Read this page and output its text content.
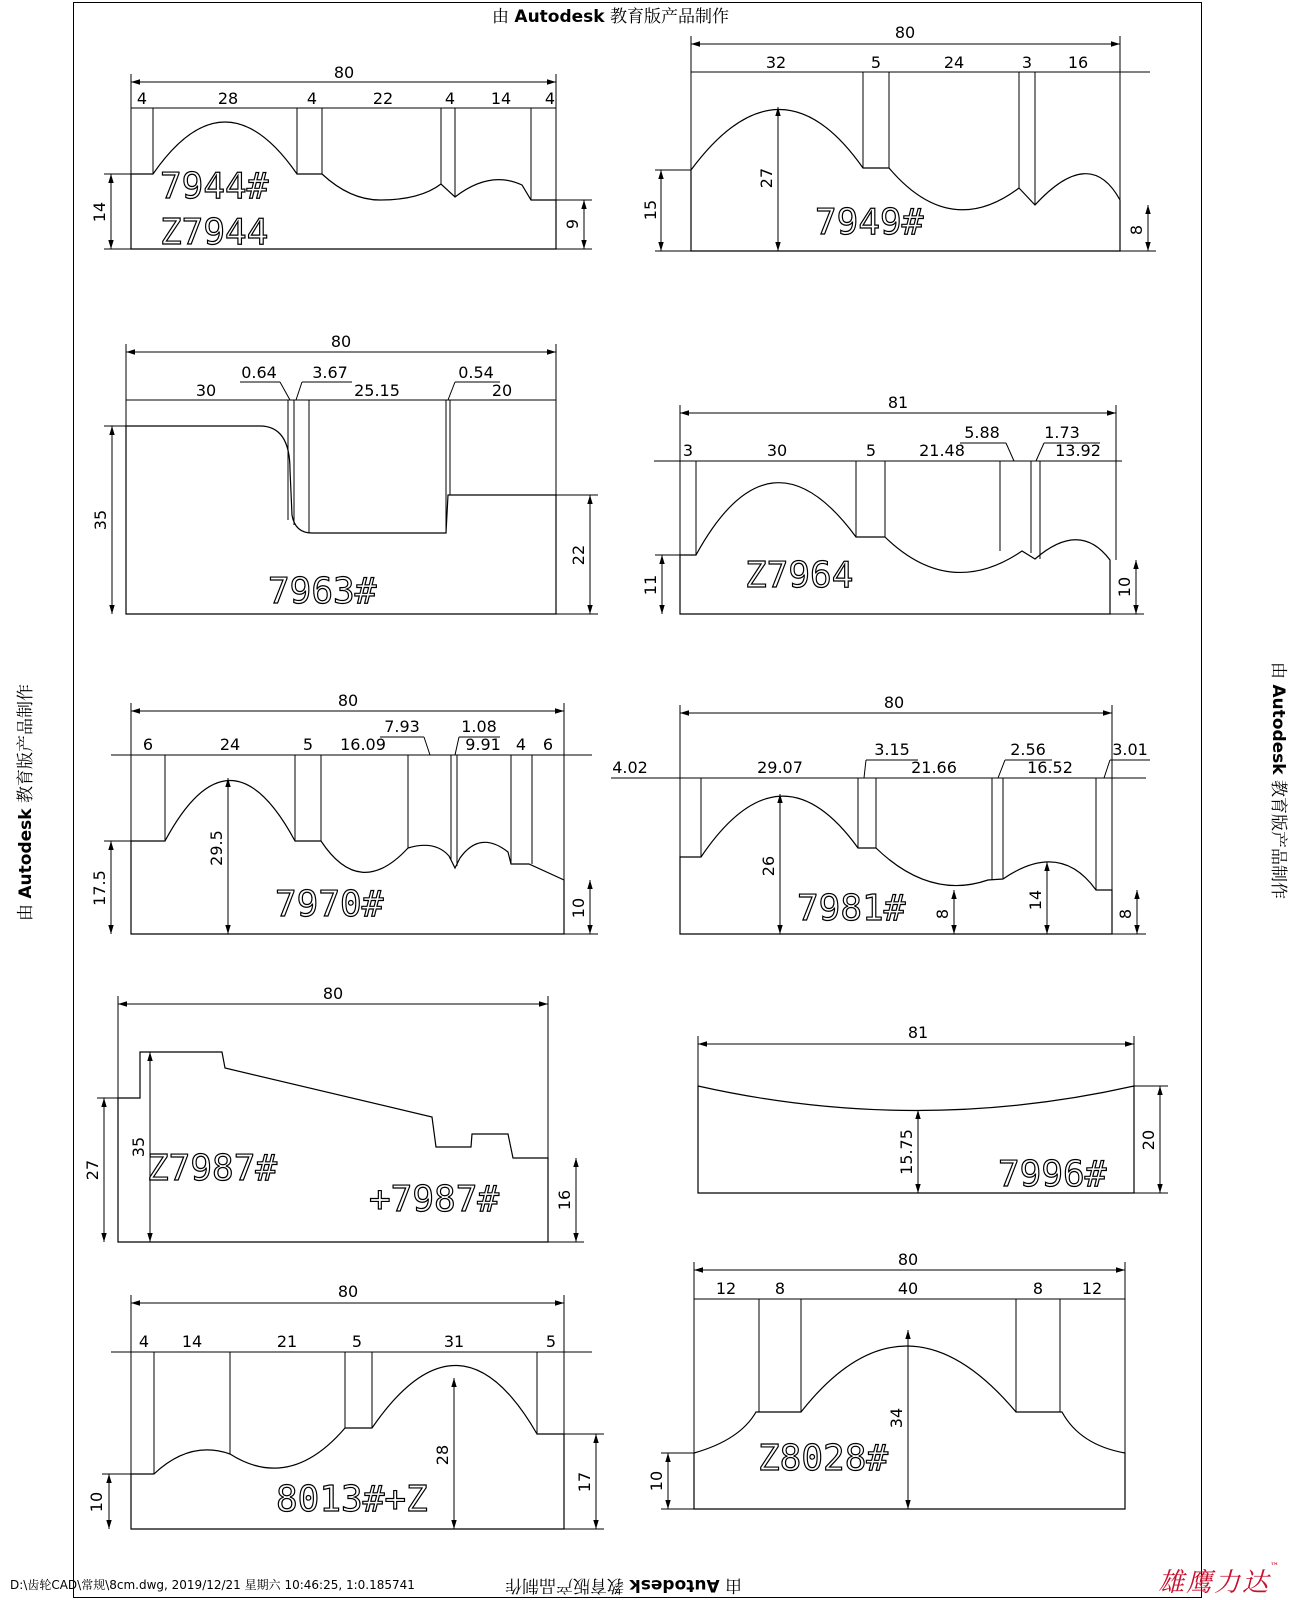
由 Autodesk 教育版产品制作
由 Autodesk 教育版产品制作
由 Autodesk 教育版产品制作
由 Autodesk 教育版产品制作
D:\齿轮CAD\常规\8cm.dwg, 2019/12/21 星期六 10:46:25, 1:0.185741	雄鹰力达™
80
4	28	4	22	4 14 4
14
9
7944#
Z7944
80
32	5	24	3 16
15
27
8
7949#
80
30
0.64 3.67
25.15
0.54
20
35
22
7963#
81
3	30	5	21.48
5.88	1.73
13.92
11	10
Z7964
80
6	24	5 16.09
7.93	1.08
9.91 4 6
17.5
29.5
10
7970#
80
4.02	29.07
3.15
21.66
2.56
16.52
3.01
26
8
14
8
7981#
80
27
35
16
Z7987#
+7987#
81
15.75	20
7996#
80
4 14	21	5	31	5
10
28
17
8013#+Z
80
12 8	40	8 12
34
10
Z8028#
